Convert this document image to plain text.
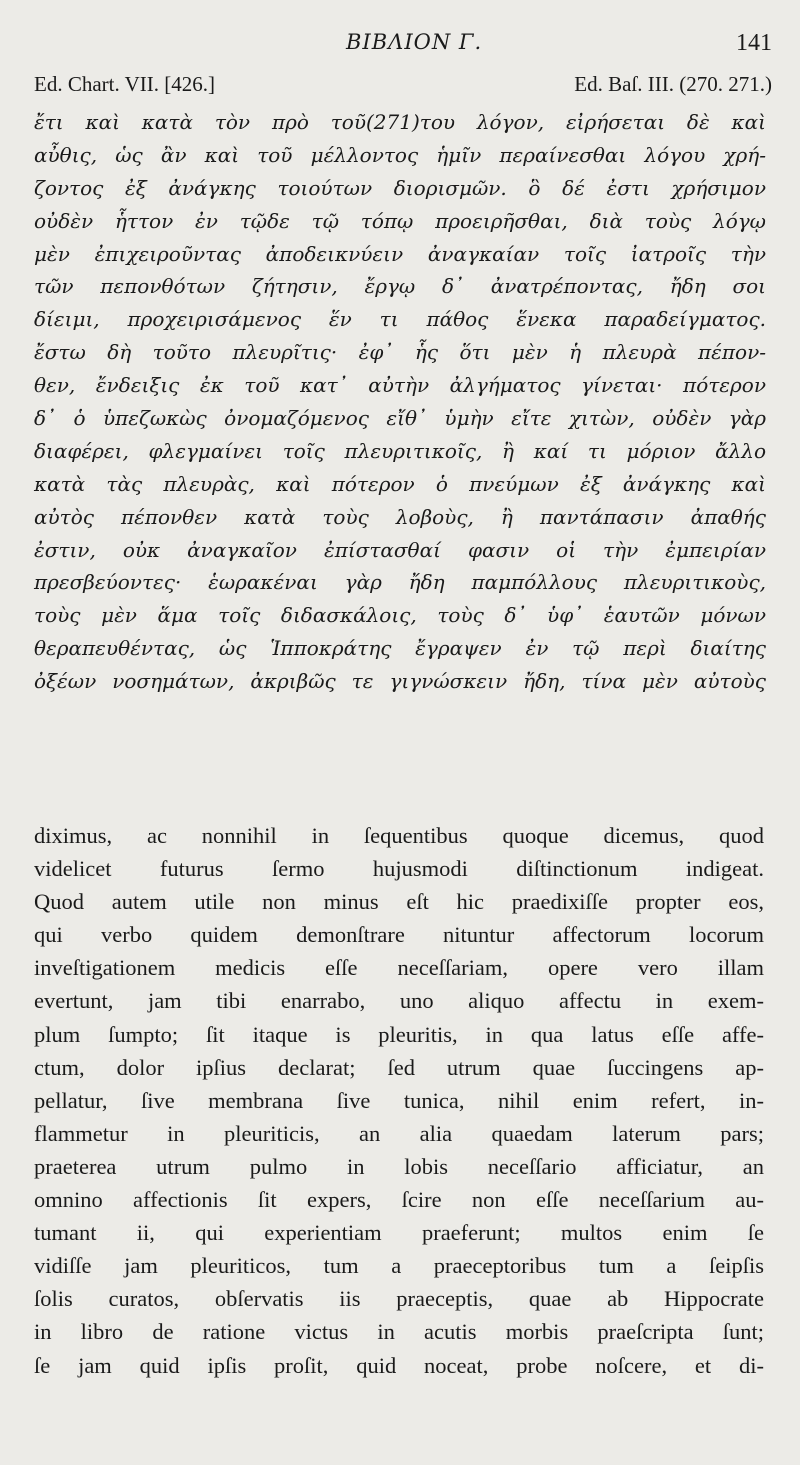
ΒΙΒΛΙΟΝ Γ.	141
Ed. Chart. VII. [426.]	Ed. Baſ. III. (270. 271.)
ἔτι καὶ κατὰ τὸν πρὸ τοῦ(271)του λόγον, εἰρήσεται δὲ καὶ
αὖθις, ὡς ἂν καὶ τοῦ μέλλοντος ἡμῖν περαίνεσθαι λόγου χρή-
ζοντος ἐξ ἀνάγκης τοιούτων διορισμῶν. ὃ δέ ἐστι χρήσιμον
οὐδὲν ἧττον ἐν τῷδε τῷ τόπῳ προειρῆσθαι, διὰ τοὺς λόγῳ
μὲν ἐπιχειροῦντας ἀποδεικνύειν ἀναγκαίαν τοῖς ἰατροῖς τὴν
τῶν πεπονθότων ζήτησιν, ἔργῳ δ᾽ ἀνατρέποντας, ἤδη σοι
δίειμι, προχειρισάμενος ἕν τι πάθος ἕνεκα παραδείγματος.
ἔστω δὴ τοῦτο πλευρῖτις· ἐφ᾽ ἧς ὅτι μὲν ἡ πλευρὰ πέπον-
θεν, ἔνδειξις ἐκ τοῦ κατ᾽ αὐτὴν ἀλγήματος γίνεται· πότερον
δ᾽ ὁ ὑπεζωκὼς ὀνομαζόμενος εἴθ᾽ ὑμὴν εἴτε χιτὼν, οὐδὲν γὰρ
διαφέρει, φλεγμαίνει τοῖς πλευριτικοῖς, ἢ καί τι μόριον ἄλλο
κατὰ τὰς πλευρὰς, καὶ πότερον ὁ πνεύμων ἐξ ἀνάγκης καὶ
αὐτὸς πέπονθεν κατὰ τοὺς λοβοὺς, ἢ παντάπασιν ἀπαθής
ἐστιν, οὐκ ἀναγκαῖον ἐπίστασθαί φασιν οἱ τὴν ἐμπειρίαν
πρεσβεύοντες· ἑωρακέναι γὰρ ἤδη παμπόλλους πλευριτικοὺς,
τοὺς μὲν ἅμα τοῖς διδασκάλοις, τοὺς δ᾽ ὑφ᾽ ἑαυτῶν μόνων
θεραπευθέντας, ὡς Ἱπποκράτης ἔγραψεν ἐν τῷ περὶ διαίτης
ὀξέων νοσημάτων, ἀκριβῶς τε γιγνώσκειν ἤδη, τίνα μὲν αὐτοὺς
diximus, ac nonnihil in ſequentibus quoque dicemus, quod
videlicet futurus ſermo hujusmodi diſtinctionum indigeat.
Quod autem utile non minus eſt hic praedixiſſe propter eos,
qui verbo quidem demonſtrare nituntur affectorum locorum
inveſtigationem medicis eſſe neceſſariam, opere vero illam
evertunt, jam tibi enarrabo, uno aliquo affectu in exem-
plum ſumpto; ſit itaque is pleuritis, in qua latus eſſe affe-
ctum, dolor ipſius declarat; ſed utrum quae ſuccingens ap-
pellatur, ſive membrana ſive tunica, nihil enim refert, in-
flammetur in pleuriticis, an alia quaedam laterum pars;
praeterea utrum pulmo in lobis neceſſario afficiatur, an
omnino affectionis ſit expers, ſcire non eſſe neceſſarium au-
tumant ii, qui experientiam praeferunt; multos enim ſe
vidiſſe jam pleuriticos, tum a praeceptoribus tum a ſeipſis
ſolis curatos, obſervatis iis praeceptis, quae ab Hippocrate
in libro de ratione victus in acutis morbis praeſcripta ſunt;
ſe jam quid ipſis proſit, quid noceat, probe noſcere, et di-
